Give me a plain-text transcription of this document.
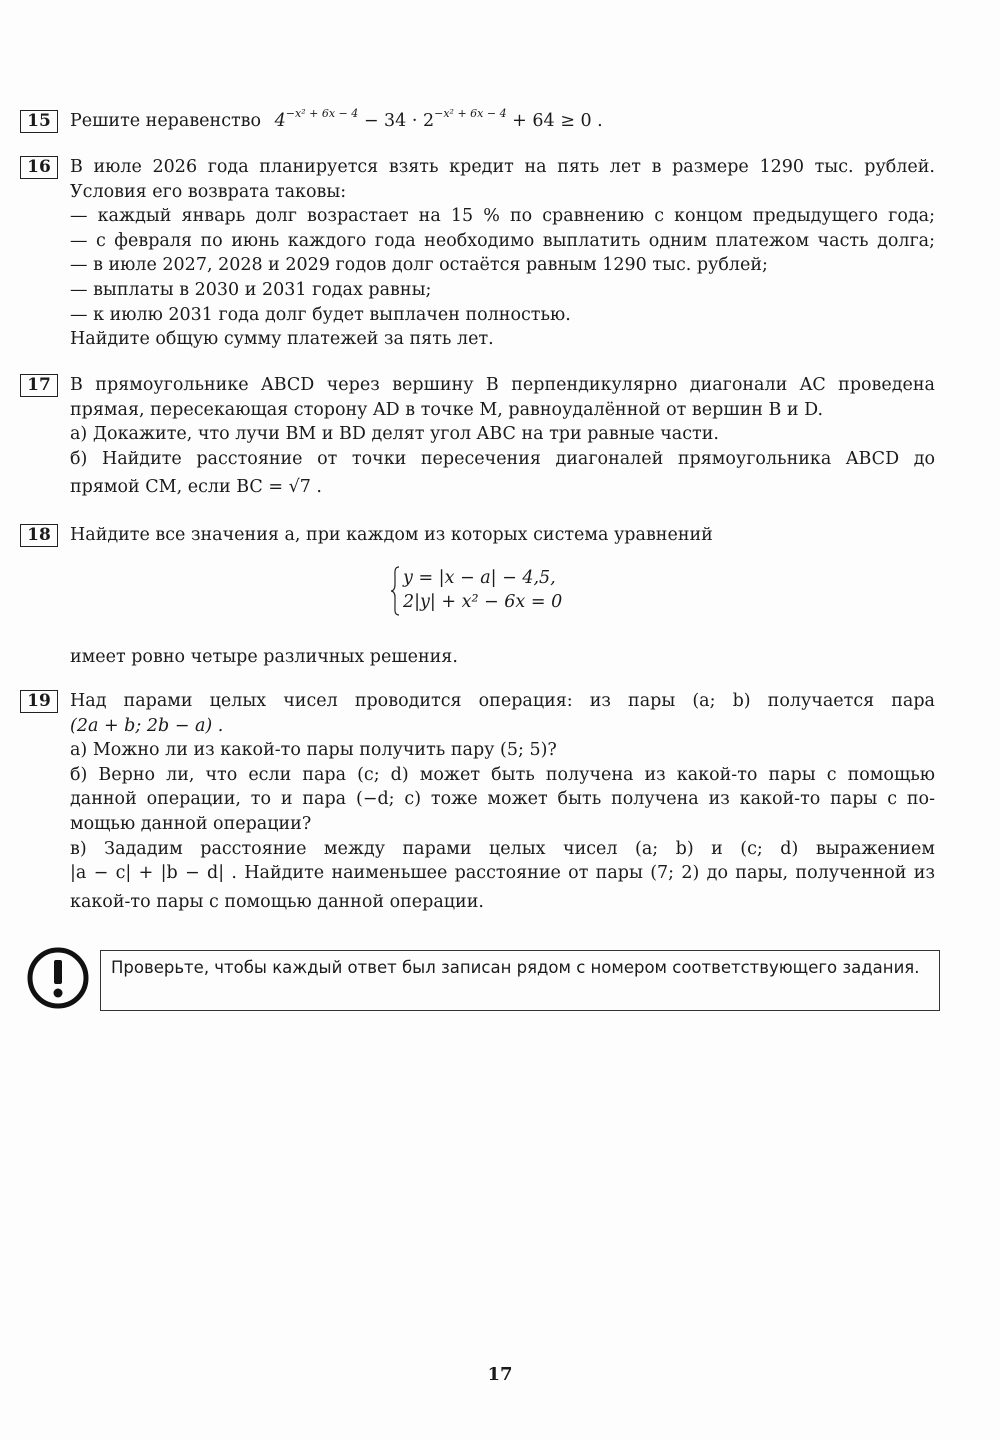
15	Решите неравенство $4^{-x^2 + 6x - 4} - 34 \cdot 2^{-x^2 + 6x - 4} + 64 \ge 0$ .
16	В июле 2026 года планируется взять кредит на пять лет в размере 1290 тыс. рублей.
Условия его возврата таковы:
— каждый январь долг возрастает на 15 % по сравнению с концом предыдущего года;
— с февраля по июнь каждого года необходимо выплатить одним платежом часть долга;
— в июле 2027, 2028 и 2029 годов долг остаётся равным 1290 тыс. рублей;
— выплаты в 2030 и 2031 годах равны;
— к июлю 2031 года долг будет выплачен полностью.
Найдите общую сумму платежей за пять лет.
17	В прямоугольнике ABCD через вершину B перпендикулярно диагонали AC проведена
прямая, пересекающая сторону AD в точке M, равноудалённой от вершин B и D.
а) Докажите, что лучи BM и BD делят угол ABC на три равные части.
б) Найдите расстояние от точки пересечения диагоналей прямоугольника ABCD до
прямой CM, если BC = √7 .
18	Найдите все значения a, при каждом из которых система уравнений
y = |x − a| − 4,5,
2|y| + x² − 6x = 0
имеет ровно четыре различных решения.
19	Над парами целых чисел проводится операция: из пары (a; b) получается пара
(2a + b; 2b − a) .
а) Можно ли из какой-то пары получить пару (5; 5)?
б) Верно ли, что если пара (c; d) может быть получена из какой-то пары с помощью
данной операции, то и пара (−d; c) тоже может быть получена из какой-то пары с по-
мощью данной операции?
в) Зададим расстояние между парами целых чисел (a; b) и (c; d) выражением
|a − c| + |b − d| . Найдите наименьшее расстояние от пары (7; 2) до пары, полученной из
какой-то пары с помощью данной операции.
Проверьте, чтобы каждый ответ был записан рядом с номером соответствующего задания.
17
